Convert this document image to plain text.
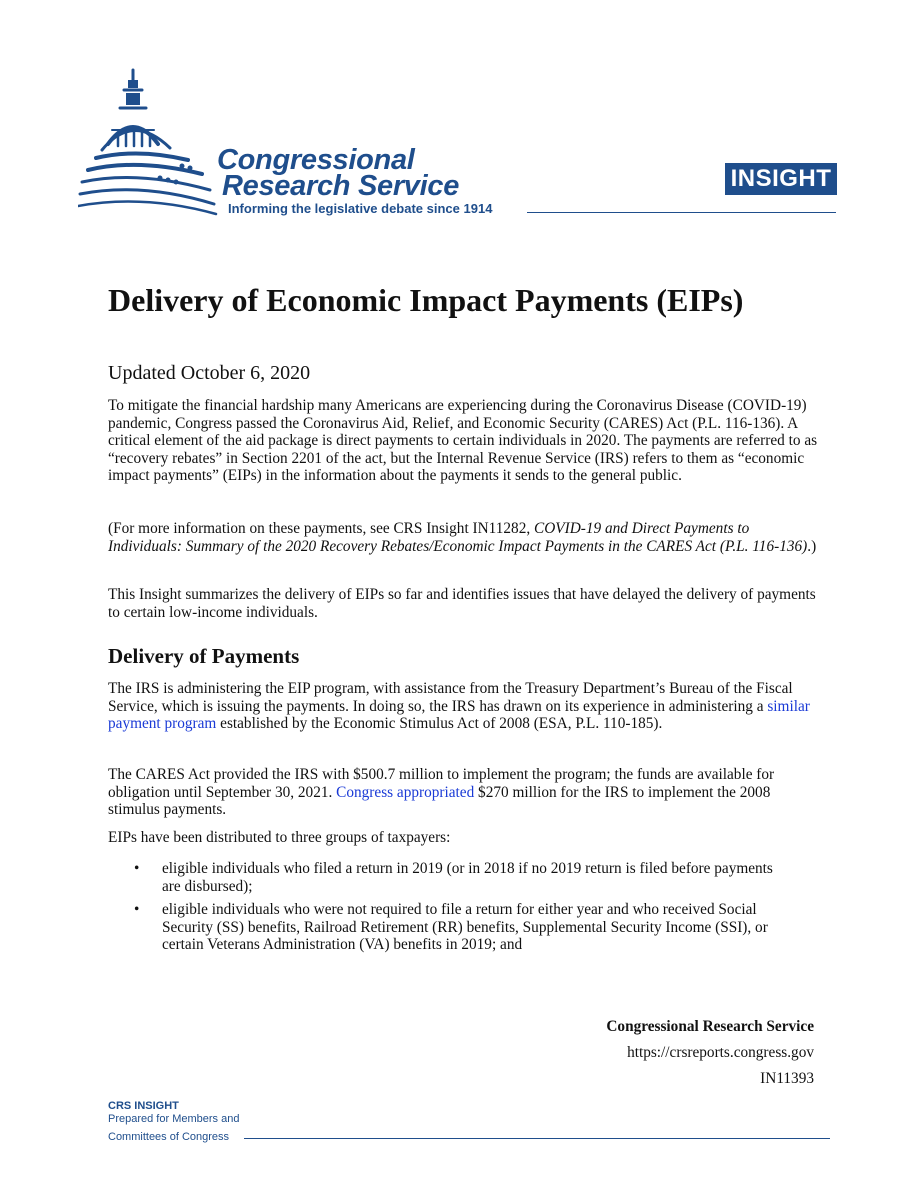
Congressional
Research Service
Informing the legislative debate since 1914
INSIGHT
Delivery of Economic Impact Payments (EIPs)
Updated October 6, 2020

To mitigate the financial hardship many Americans are experiencing during the Coronavirus Disease (COVID-19) pandemic, Congress passed the Coronavirus Aid, Relief, and Economic Security (CARES) Act (P.L. 116-136). A critical element of the aid package is direct payments to certain individuals in 2020. The payments are referred to as “recovery rebates” in Section 2201 of the act, but the Internal Revenue Service (IRS) refers to them as “economic impact payments” (EIPs) in the information about the payments it sends to the general public.

(For more information on these payments, see CRS Insight IN11282, COVID-19 and Direct Payments to Individuals: Summary of the 2020 Recovery Rebates/Economic Impact Payments in the CARES Act (P.L. 116-136).)

This Insight summarizes the delivery of EIPs so far and identifies issues that have delayed the delivery of payments to certain low-income individuals.

Delivery of Payments

The IRS is administering the EIP program, with assistance from the Treasury Department’s Bureau of the Fiscal Service, which is issuing the payments. In doing so, the IRS has drawn on its experience in administering a similar payment program established by the Economic Stimulus Act of 2008 (ESA, P.L. 110-185).

The CARES Act provided the IRS with $500.7 million to implement the program; the funds are available for obligation until September 30, 2021. Congress appropriated $270 million for the IRS to implement the 2008 stimulus payments.

EIPs have been distributed to three groups of taxpayers:

• eligible individuals who filed a return in 2019 (or in 2018 if no 2019 return is filed before payments are disbursed);
• eligible individuals who were not required to file a return for either year and who received Social Security (SS) benefits, Railroad Retirement (RR) benefits, Supplemental Security Income (SSI), or certain Veterans Administration (VA) benefits in 2019; and
Congressional Research Service
https://crsreports.congress.gov
IN11393
CRS INSIGHT
Prepared for Members and
Committees of Congress
